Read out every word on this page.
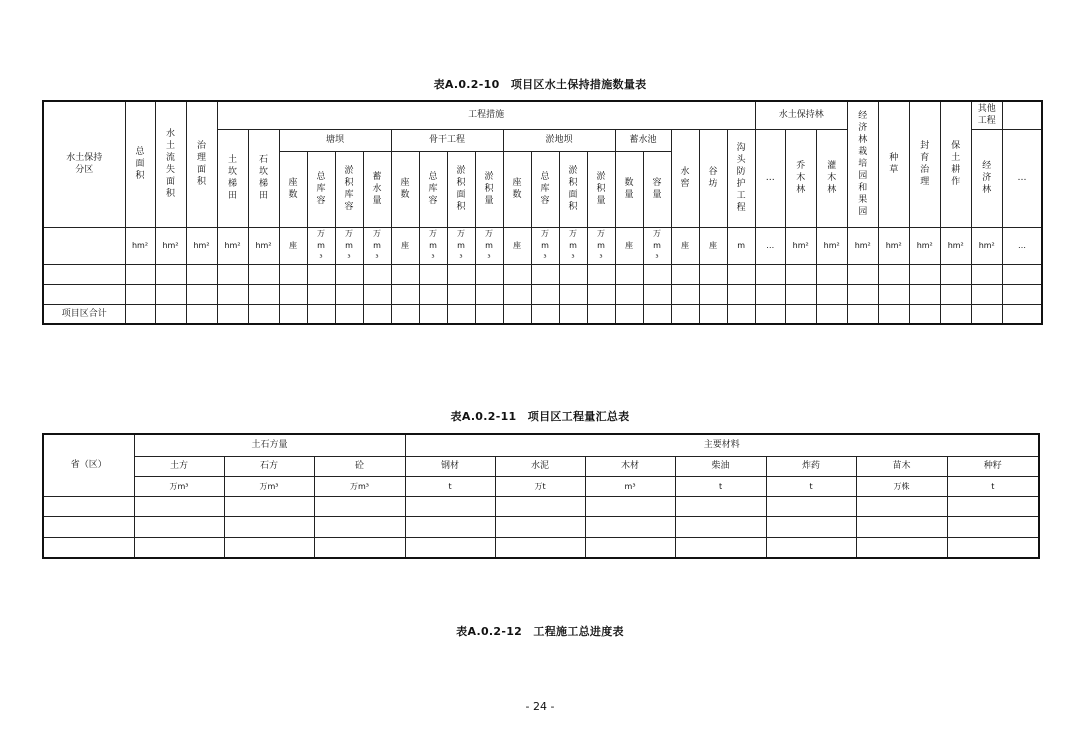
表A.0.2-10　项目区水土保持措施数量表
水土保持分区	总面积	水土流失面积	治理面积	工程措施																			水土保持林			经济林栽培园和果园	种草	封育治理	保土耕作	其他工程	
				土坎梯田	石坎梯田	塘坝				骨干工程				淤地坝				蓄水池		水窖	谷坊	沟头防护工程	…	乔木林	灌木林					经济林	…
						座数	总库容	淤积库容	蓄水量	座数	总库容	淤积面积	淤积量	座数	总库容	淤积面积	淤积量	数量	容量												
	hm²	hm²	hm²	hm²	hm²	座	万m³	万m³	万m³	座	万m³	万m³	万m³	座	万m³	万m³	万m³	座	万m³	座	座	m	…	hm²	hm²	hm²	hm²	hm²	hm²	hm²	…

项目区合计																															
表A.0.2-11　项目区工程量汇总表
省（区）	土石方量			主要材料						
	土方	石方	砼	钢材	水泥	木材	柴油	炸药	苗木	种籽
	万m³	万m³	万m³	t	万t	m³	t	t	万株	t

表A.0.2-12　工程施工总进度表
- 24 -
